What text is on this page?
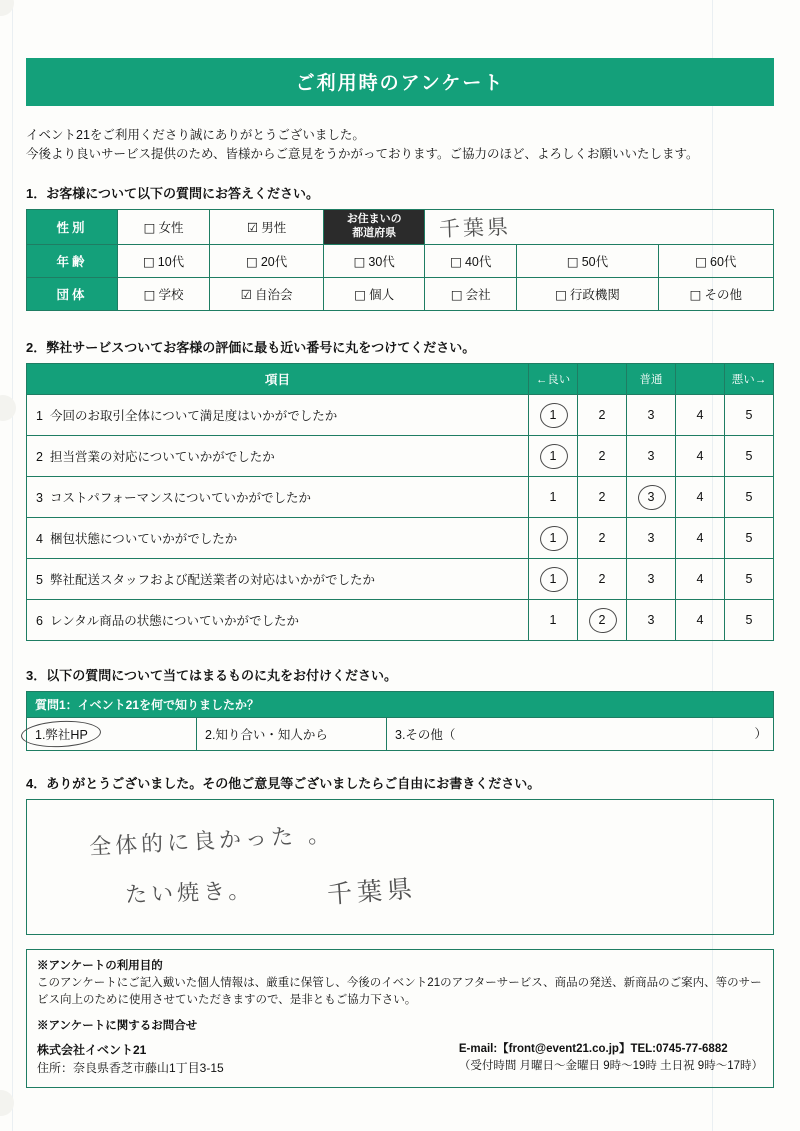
ご利用時のアンケート
イベント21をご利用くださり誠にありがとうございました。
今後より良いサービス提供のため、皆様からご意見をうかがっております。ご協力のほど、よろしくお願いいたします。
1．お客様について以下の質問にお答えください。
性別	□ 女性	☑ 男性	お住まいの
都道府県	千葉県		
年齢	□ 10代	□ 20代	□ 30代	□ 40代	□ 50代	□ 60代
団体	□ 学校	☑ 自治会	□ 個人	□ 会社	□ 行政機関	□ その他
2．弊社サービスついてお客様の評価に最も近い番号に丸をつけてください。
項目	←良い		普通		悪い→
1 今回のお取引全体について満足度はいかがでしたか	1	2	3	4	5
2 担当営業の対応についていかがでしたか	1	2	3	4	5
3 コストパフォーマンスについていかがでしたか	1	2	3	4	5
4 梱包状態についていかがでしたか	1	2	3	4	5
5 弊社配送スタッフおよび配送業者の対応はいかがでしたか	1	2	3	4	5
6 レンタル商品の状態についていかがでしたか	1	2	3	4	5
3．以下の質問について当てはまるものに丸をお付けください。
質問1：イベント21を何で知りましたか？
1.弊社HP	2.知り合い・知人から	3.その他（	）
4．ありがとうございました。その他ご意見等ございましたらご自由にお書きください。
全体的に良かった 。
たい焼き。	千葉県
※アンケートの利用目的
このアンケートにご記入戴いた個人情報は、厳重に保管し、今後のイベント21のアフターサービス、商品の発送、新商品のご案内、等のサービス向上のために使用させていただきますので、是非ともご協力下さい。
※アンケートに関するお問合せ
株式会社イベント21
住所：奈良県香芝市藤山1丁目3-15
E-mail:【front@event21.co.jp】TEL:0745-77-6882
（受付時間 月曜日～金曜日 9時～19時 土日祝 9時～17時）
